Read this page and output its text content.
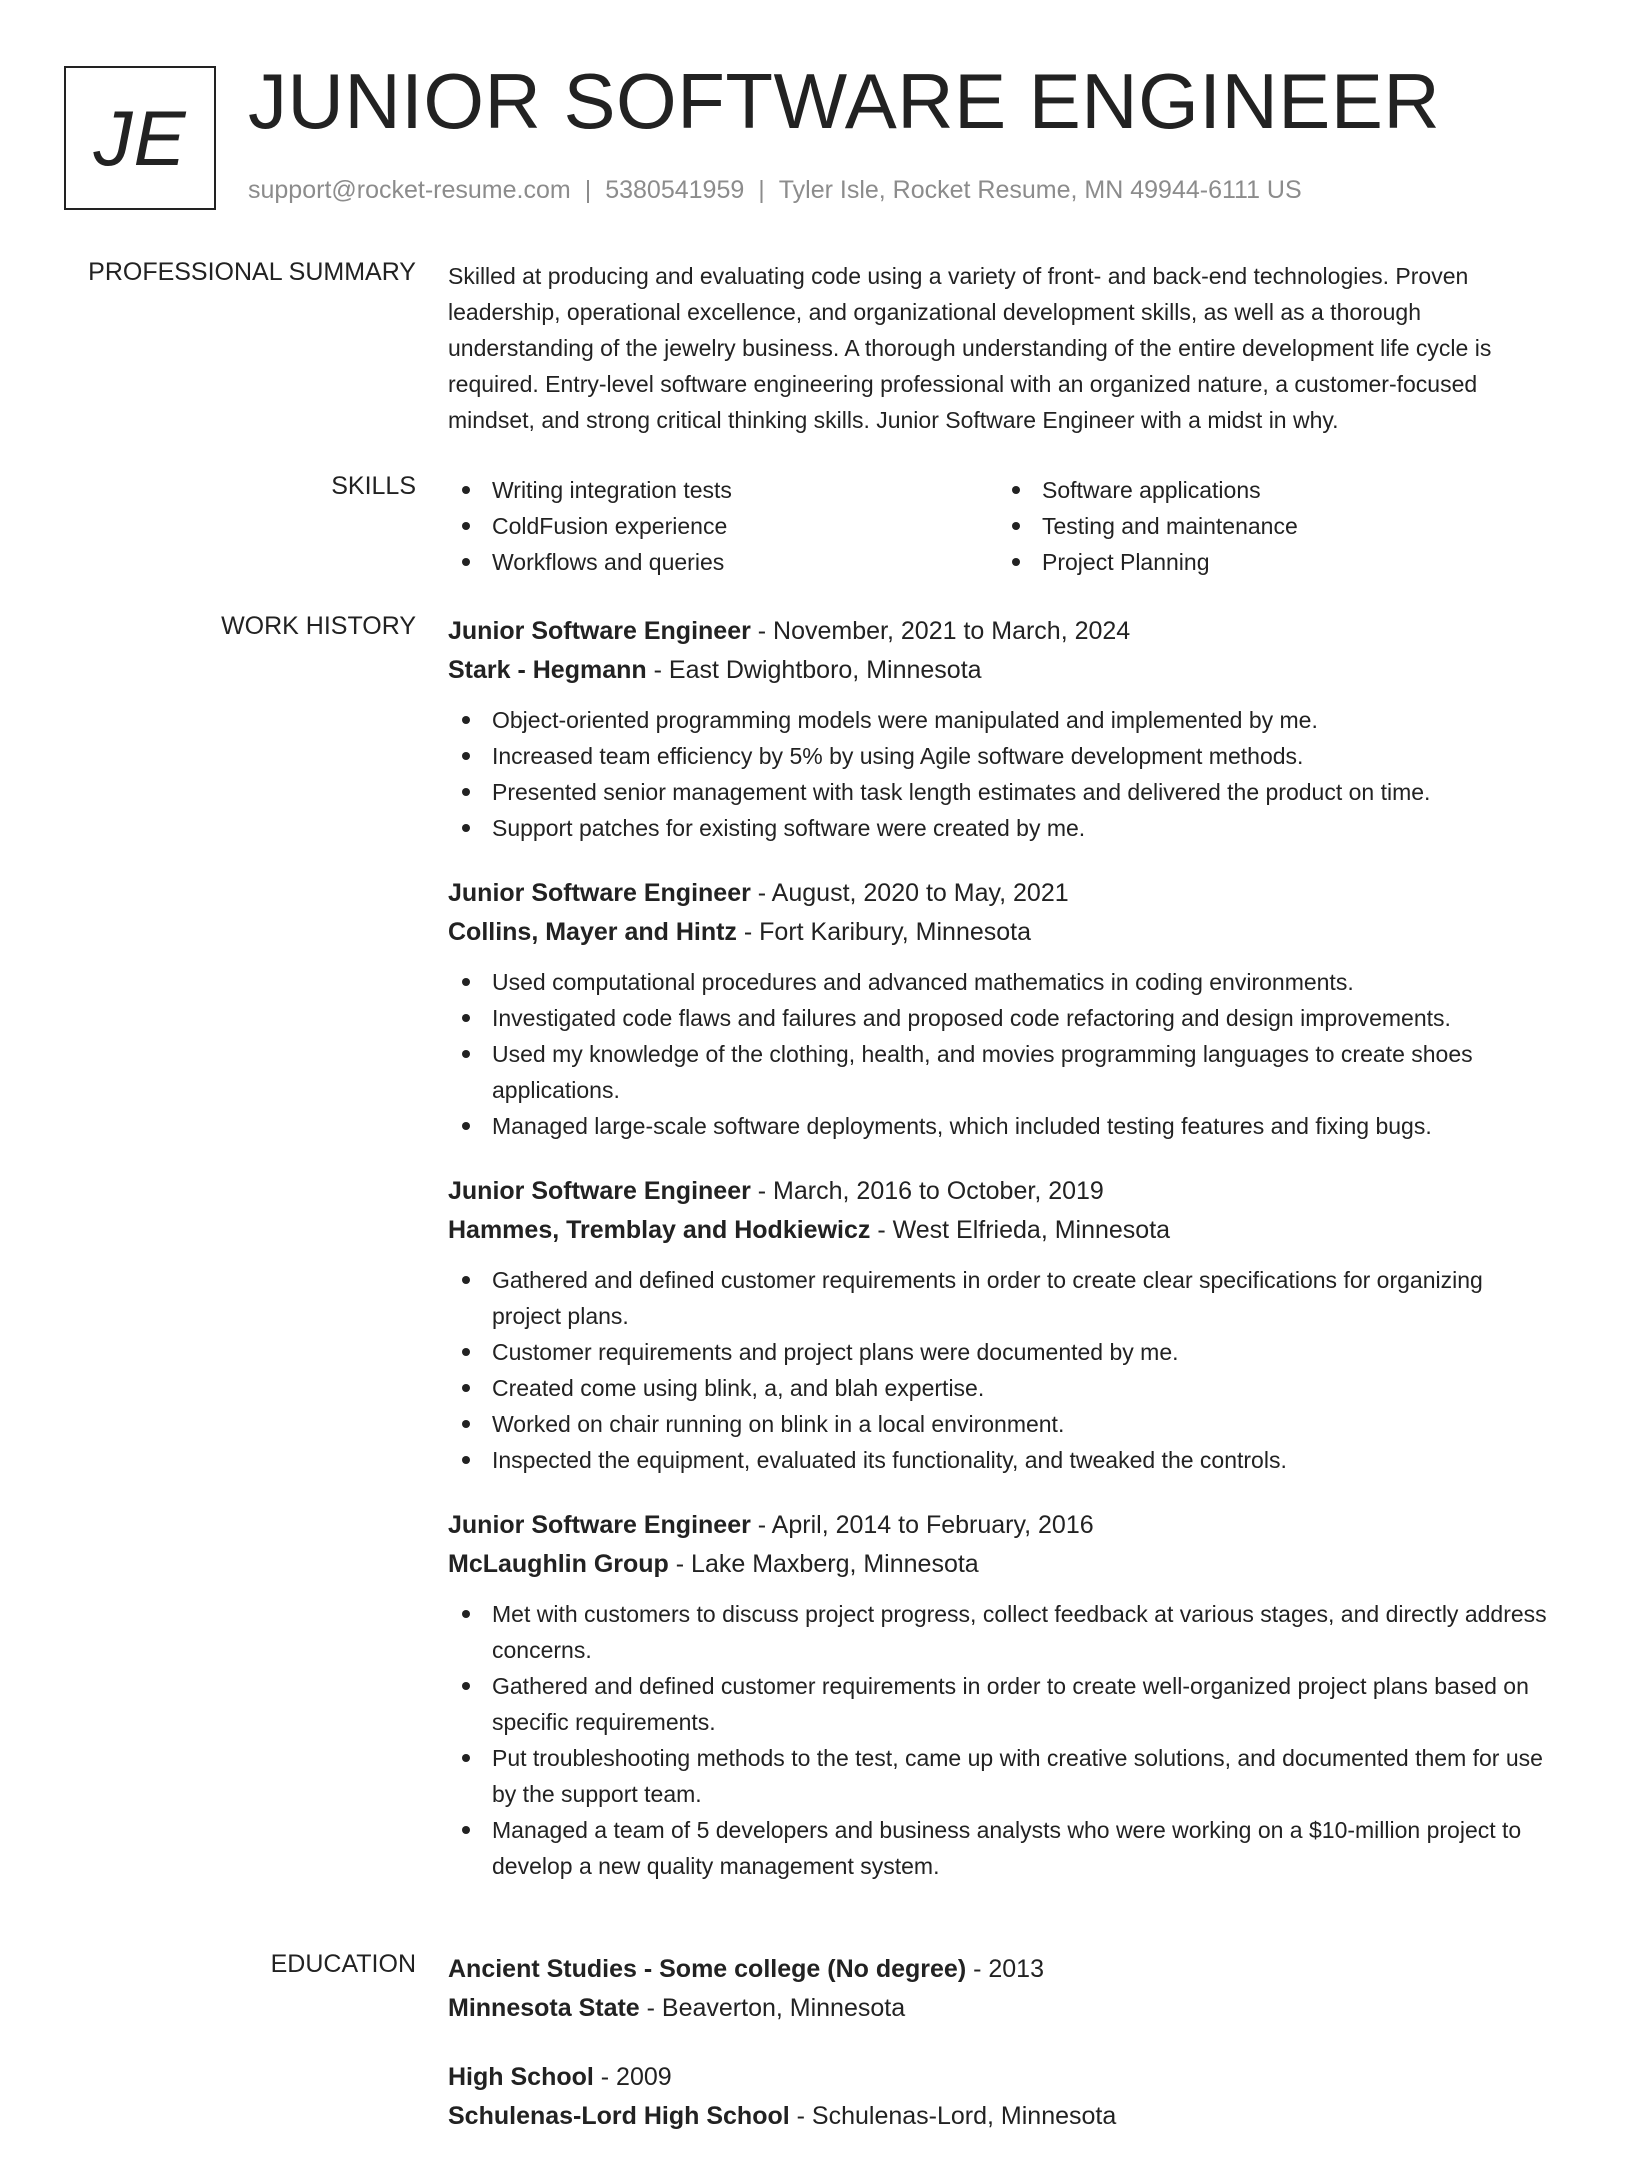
JE JUNIOR SOFTWARE ENGINEER
support@rocket-resume.com | 5380541959 | Tyler Isle, Rocket Resume, MN 49944-6111 US
PROFESSIONAL SUMMARY Skilled at producing and evaluating code using a variety of front- and back-end technologies. Proven leadership, operational excellence, and organizational development skills, as well as a thorough understanding of the jewelry business. A thorough understanding of the entire development life cycle is required. Entry-level software engineering professional with an organized nature, a customer-focused mindset, and strong critical thinking skills. Junior Software Engineer with a midst in why.
SKILLS	Writing integration tests
ColdFusion experience
Workflows and queries
Software applications
Testing and maintenance
Project Planning
WORK HISTORY Junior Software Engineer - November, 2021 to March, 2024
Stark - Hegmann - East Dwightboro, Minnesota
Object-oriented programming models were manipulated and implemented by me.
Increased team efficiency by 5% by using Agile software development methods.
Presented senior management with task length estimates and delivered the product on time.
Support patches for existing software were created by me.
Junior Software Engineer - August, 2020 to May, 2021
Collins, Mayer and Hintz - Fort Karibury, Minnesota
Used computational procedures and advanced mathematics in coding environments.
Investigated code flaws and failures and proposed code refactoring and design improvements.
Used my knowledge of the clothing, health, and movies programming languages to create shoes applications.
Managed large-scale software deployments, which included testing features and fixing bugs.
Junior Software Engineer - March, 2016 to October, 2019
Hammes, Tremblay and Hodkiewicz - West Elfrieda, Minnesota
Gathered and defined customer requirements in order to create clear specifications for organizing project plans.
Customer requirements and project plans were documented by me.
Created come using blink, a, and blah expertise.
Worked on chair running on blink in a local environment.
Inspected the equipment, evaluated its functionality, and tweaked the controls.
Junior Software Engineer - April, 2014 to February, 2016
McLaughlin Group - Lake Maxberg, Minnesota
Met with customers to discuss project progress, collect feedback at various stages, and directly address concerns.
Gathered and defined customer requirements in order to create well-organized project plans based on specific requirements.
Put troubleshooting methods to the test, came up with creative solutions, and documented them for use by the support team.
Managed a team of 5 developers and business analysts who were working on a $10-million project to develop a new quality management system.
EDUCATION Ancient Studies - Some college (No degree) - 2013
Minnesota State - Beaverton, Minnesota
High School - 2009
Schulenas-Lord High School - Schulenas-Lord, Minnesota
